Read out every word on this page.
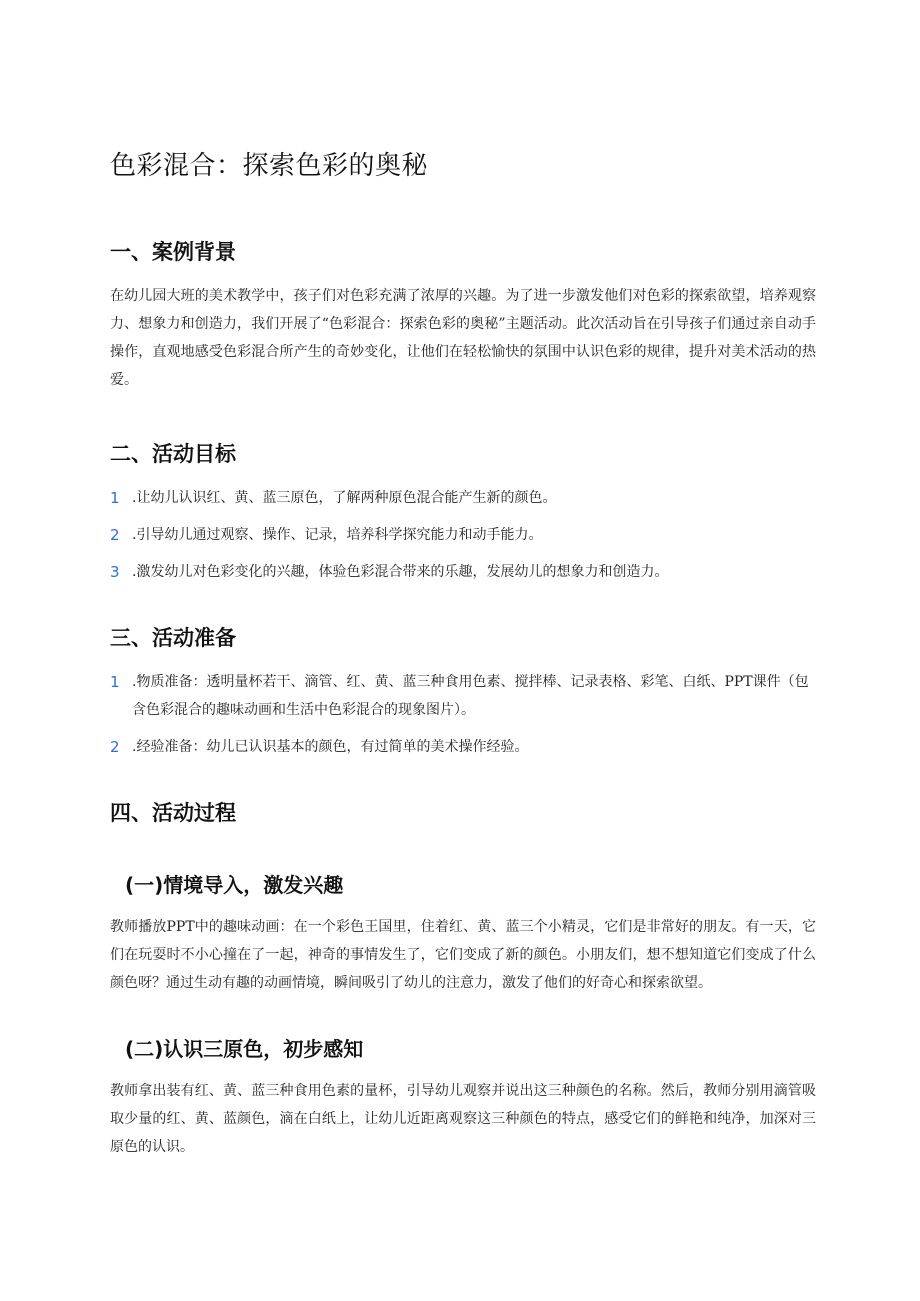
色彩混合：探索色彩的奥秘
一、案例背景

在幼儿园大班的美术教学中，孩子们对色彩充满了浓厚的兴趣。为了进一步激发他们对色彩的探索欲望，培养观察力、想象力和创造力，我们开展了“色彩混合：探索色彩的奥秘”主题活动。此次活动旨在引导孩子们通过亲自动手操作，直观地感受色彩混合所产生的奇妙变化，让他们在轻松愉快的氛围中认识色彩的规律，提升对美术活动的热爱。

二、活动目标
1 .让幼儿认识红、黄、蓝三原色，了解两种原色混合能产生新的颜色。
2 .引导幼儿通过观察、操作、记录，培养科学探究能力和动手能力。
3 .激发幼儿对色彩变化的兴趣，体验色彩混合带来的乐趣，发展幼儿的想象力和创造力。
三、活动准备
1 .物质准备：透明量杯若干、滴管、红、黄、蓝三种食用色素、搅拌棒、记录表格、彩笔、白纸、PPT课件（包含色彩混合的趣味动画和生活中色彩混合的现象图片）。
2 .经验准备：幼儿已认识基本的颜色，有过简单的美术操作经验。
四、活动过程
(一)情境导入，激发兴趣

教师播放PPT中的趣味动画：在一个彩色王国里，住着红、黄、蓝三个小精灵，它们是非常好的朋友。有一天，它们在玩耍时不小心撞在了一起，神奇的事情发生了，它们变成了新的颜色。小朋友们，想不想知道它们变成了什么颜色呀？通过生动有趣的动画情境，瞬间吸引了幼儿的注意力，激发了他们的好奇心和探索欲望。

(二)认识三原色，初步感知

教师拿出装有红、黄、蓝三种食用色素的量杯，引导幼儿观察并说出这三种颜色的名称。然后，教师分别用滴管吸取少量的红、黄、蓝颜色，滴在白纸上，让幼儿近距离观察这三种颜色的特点，感受它们的鲜艳和纯净，加深对三原色的认识。
